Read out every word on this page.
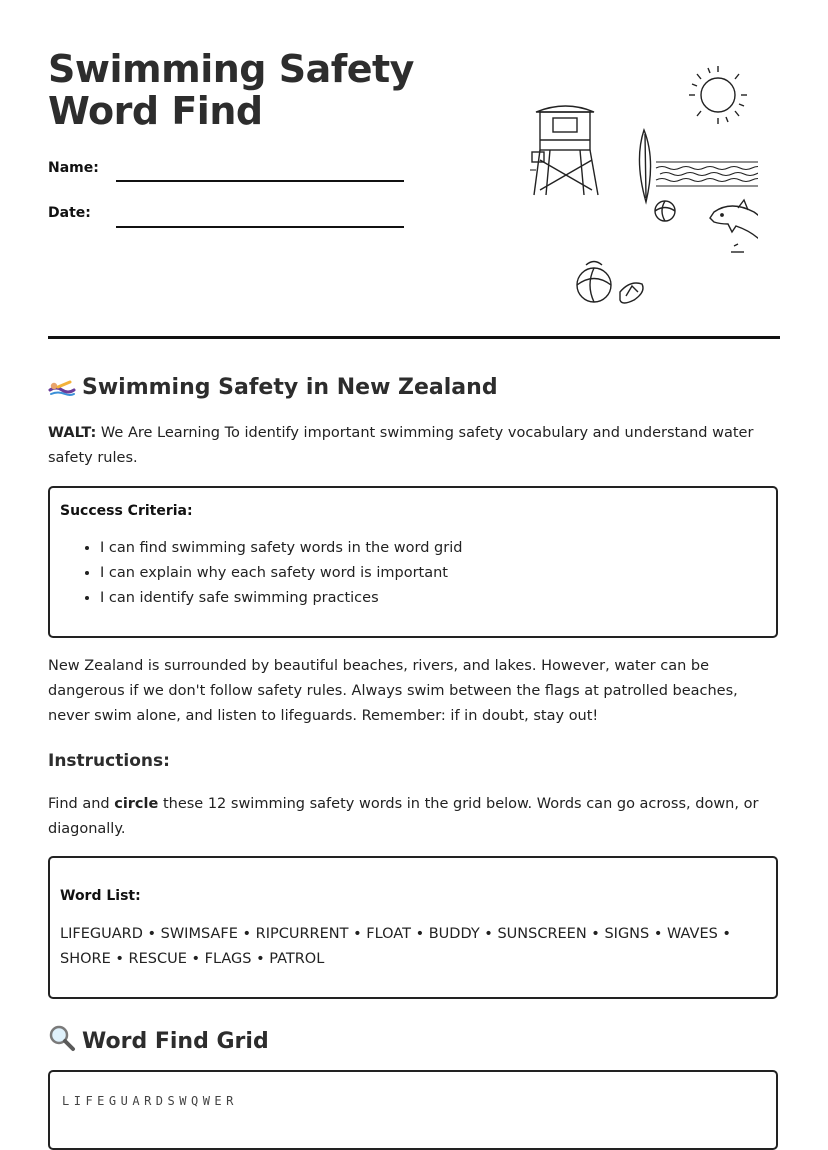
Swimming Safety Word Find
Name:
Date:
Swimming Safety in New Zealand

WALT: We Are Learning To identify important swimming safety vocabulary and understand water safety rules.

Success Criteria:
• I can find swimming safety words in the word grid
• I can explain why each safety word is important
• I can identify safe swimming practices

New Zealand is surrounded by beautiful beaches, rivers, and lakes. However, water can be dangerous if we don't follow safety rules. Always swim between the flags at patrolled beaches, never swim alone, and listen to lifeguards. Remember: if in doubt, stay out!

Instructions:

Find and circle these 12 swimming safety words in the grid below. Words can go across, down, or diagonally.

Word List:

LIFEGUARD • SWIMSAFE • RIPCURRENT • FLOAT • BUDDY • SUNSCREEN • SIGNS • WAVES • SHORE • RESCUE • FLAGS • PATROL

Word Find Grid
LIFEGUARDSWQWER
